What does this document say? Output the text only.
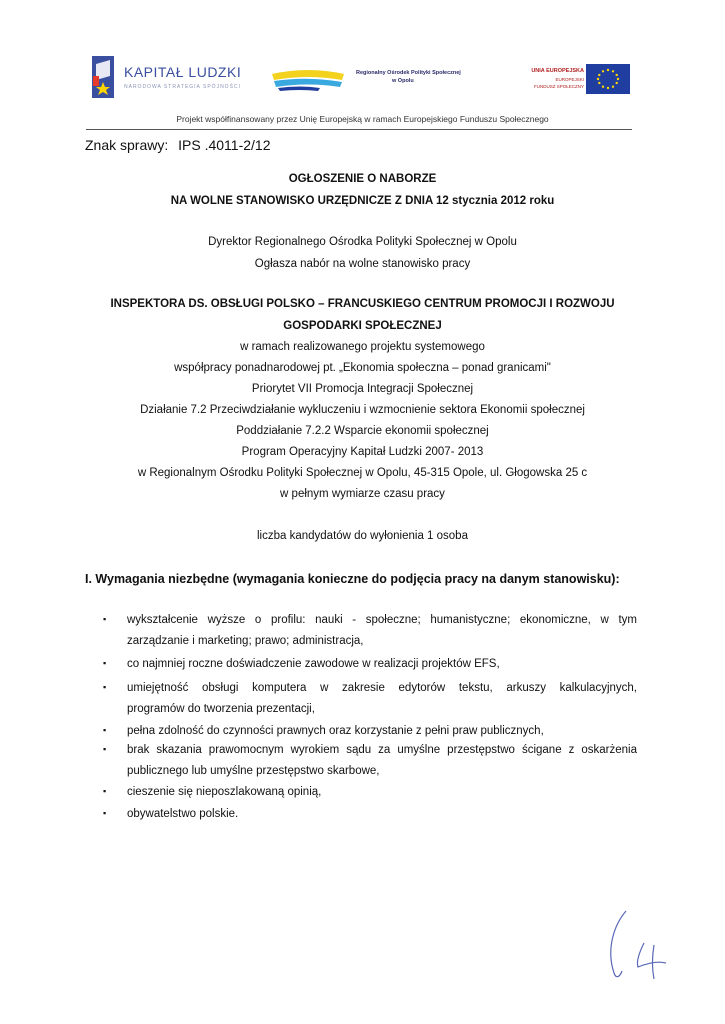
KAPITAŁ LUDZKI
NARODOWA STRATEGIA SPÓJNOŚCI
Regionalny Ośrodek Polityki Społecznej
w Opolu
UNIA EUROPEJSKA
EUROPEJSKI
FUNDUSZ SPOŁECZNY
Projekt współfinansowany przez Unię Europejską w ramach Europejskiego Funduszu Społecznego
Znak sprawy: IPS .4011-2/12
OGŁOSZENIE O NABORZE
NA WOLNE STANOWISKO URZĘDNICZE Z DNIA 12 stycznia 2012 roku
Dyrektor Regionalnego Ośrodka Polityki Społecznej w Opolu
Ogłasza nabór na wolne stanowisko pracy
INSPEKTORA DS. OBSŁUGI POLSKO – FRANCUSKIEGO CENTRUM PROMOCJI I ROZWOJU
GOSPODARKI SPOŁECZNEJ
w ramach realizowanego projektu systemowego
współpracy ponadnarodowej pt. „Ekonomia społeczna – ponad granicami"
Priorytet VII Promocja Integracji Społecznej
Działanie 7.2 Przeciwdziałanie wykluczeniu i wzmocnienie sektora Ekonomii społecznej
Poddziałanie 7.2.2 Wsparcie ekonomii społecznej
Program Operacyjny Kapitał Ludzki 2007- 2013
w Regionalnym Ośrodku Polityki Społecznej w Opolu, 45-315 Opole, ul. Głogowska 25 c
w pełnym wymiarze czasu pracy
liczba kandydatów do wyłonienia 1 osoba
I. Wymagania niezbędne (wymagania konieczne do podjęcia pracy na danym stanowisku):
▪ wykształcenie wyższe o profilu: nauki - społeczne; humanistyczne; ekonomiczne, w tym
zarządzanie i marketing; prawo; administracja,
▪ co najmniej roczne doświadczenie zawodowe w realizacji projektów EFS,
▪ umiejętność obsługi komputera w zakresie edytorów tekstu, arkuszy kalkulacyjnych,
programów do tworzenia prezentacji,
▪ pełna zdolność do czynności prawnych oraz korzystanie z pełni praw publicznych,
▪ brak skazania prawomocnym wyrokiem sądu za umyślne przestępstwo ścigane z oskarżenia
publicznego lub umyślne przestępstwo skarbowe,
▪ cieszenie się nieposzlakowaną opinią,
▪ obywatelstwo polskie.
